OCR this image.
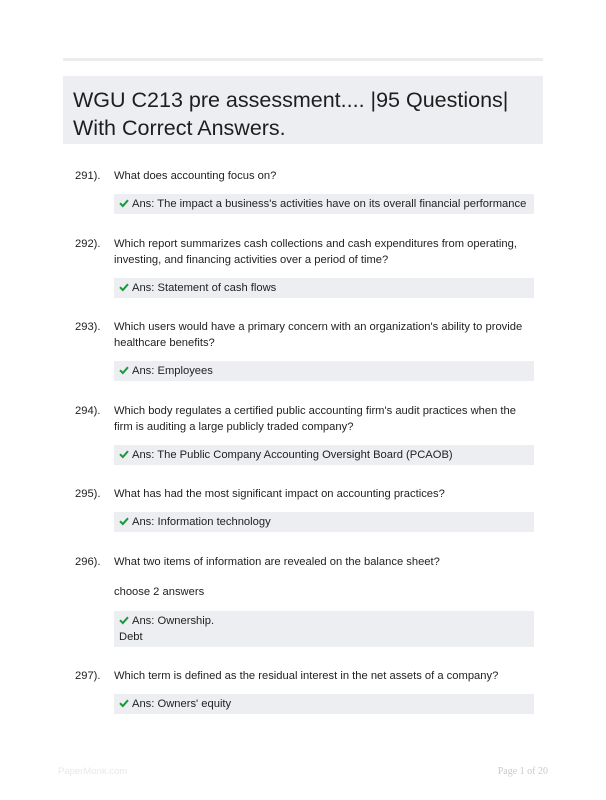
WGU C213 pre assessment.... |95 Questions| With Correct Answers.
291).	What does accounting focus on?
Ans: The impact a business's activities have on its overall financial performance
292).	Which report summarizes cash collections and cash expenditures from operating, investing, and financing activities over a period of time?
Ans: Statement of cash flows
293).	Which users would have a primary concern with an organization's ability to provide healthcare benefits?
Ans: Employees
294).	Which body regulates a certified public accounting firm's audit practices when the firm is auditing a large publicly traded company?
Ans: The Public Company Accounting Oversight Board (PCAOB)
295).	What has had the most significant impact on accounting practices?
Ans: Information technology
296).	What two items of information are revealed on the balance sheet?
choose 2 answers
Ans: Ownership.
Debt
297).	Which term is defined as the residual interest in the net assets of a company?
Ans: Owners' equity
PaperMonk.com	Page 1 of 20
